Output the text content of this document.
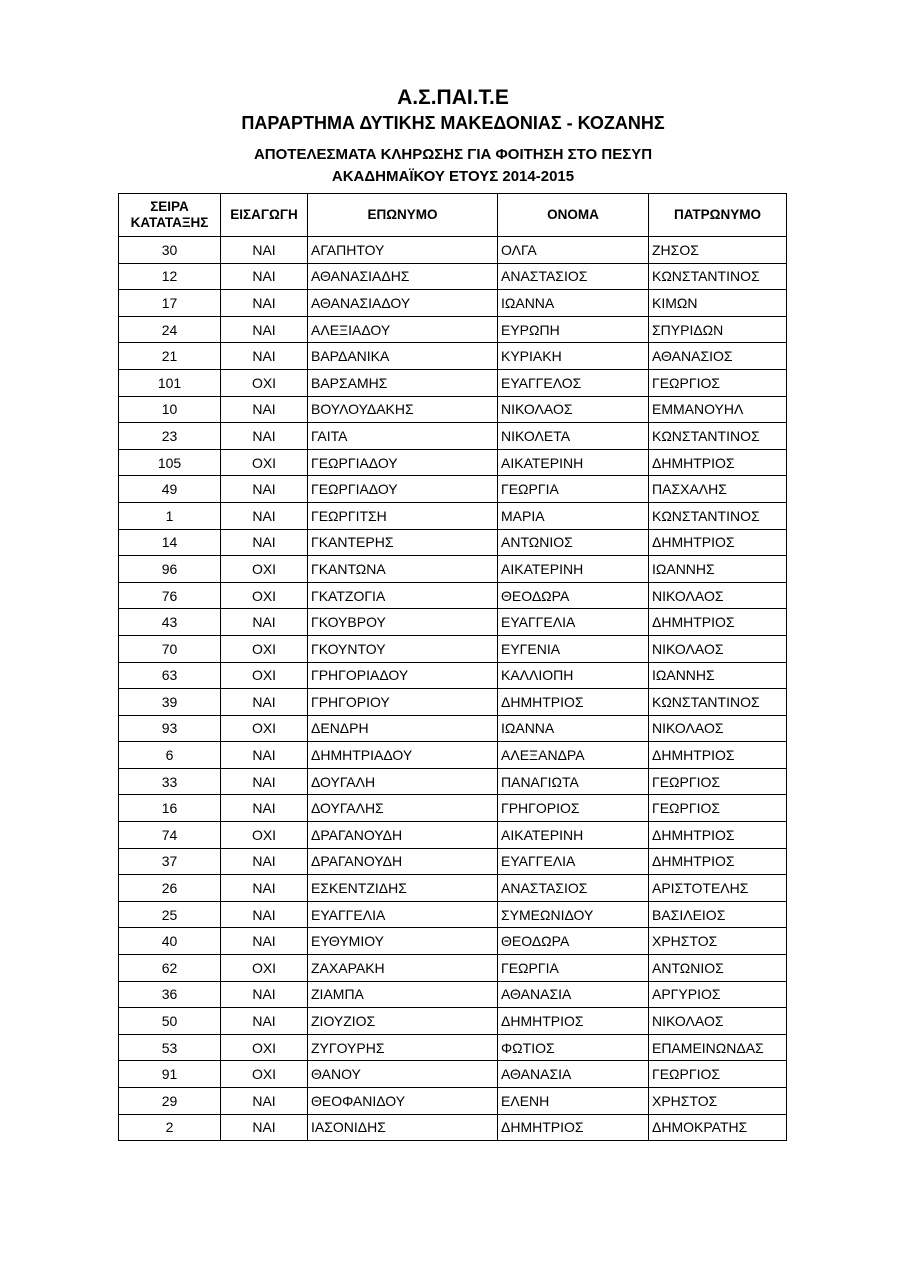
Α.Σ.ΠΑΙ.Τ.Ε
ΠΑΡΑΡΤΗΜΑ ΔΥΤΙΚΗΣ ΜΑΚΕΔΟΝΙΑΣ - ΚΟΖΑΝΗΣ
ΑΠΟΤΕΛΕΣΜΑΤΑ ΚΛΗΡΩΣΗΣ ΓΙΑ ΦΟΙΤΗΣΗ ΣΤΟ ΠΕΣΥΠ
ΑΚΑΔΗΜΑΪΚΟΥ ΕΤΟΥΣ 2014-2015
ΣΕΙΡΑ ΚΑΤΑΤΑΞΗΣ	ΕΙΣΑΓΩΓΗ	ΕΠΩΝΥΜΟ	ΟΝΟΜΑ	ΠΑΤΡΩΝΥΜΟ
30	ΝΑΙ	ΑΓΑΠΗΤΟΥ	ΟΛΓΑ	ΖΗΣΟΣ
12	ΝΑΙ	ΑΘΑΝΑΣΙΑΔΗΣ	ΑΝΑΣΤΑΣΙΟΣ	ΚΩΝΣΤΑΝΤΙΝΟΣ
17	ΝΑΙ	ΑΘΑΝΑΣΙΑΔΟΥ	ΙΩΑΝΝΑ	ΚΙΜΩΝ
24	ΝΑΙ	ΑΛΕΞΙΑΔΟΥ	ΕΥΡΩΠΗ	ΣΠΥΡΙΔΩΝ
21	ΝΑΙ	ΒΑΡΔΑΝΙΚΑ	ΚΥΡΙΑΚΗ	ΑΘΑΝΑΣΙΟΣ
101	ΟΧΙ	ΒΑΡΣΑΜΗΣ	ΕΥΑΓΓΕΛΟΣ	ΓΕΩΡΓΙΟΣ
10	ΝΑΙ	ΒΟΥΛΟΥΔΑΚΗΣ	ΝΙΚΟΛΑΟΣ	ΕΜΜΑΝΟΥΗΛ
23	ΝΑΙ	ΓΑΙΤΑ	ΝΙΚΟΛΕΤΑ	ΚΩΝΣΤΑΝΤΙΝΟΣ
105	ΟΧΙ	ΓΕΩΡΓΙΑΔΟΥ	ΑΙΚΑΤΕΡΙΝΗ	ΔΗΜΗΤΡΙΟΣ
49	ΝΑΙ	ΓΕΩΡΓΙΑΔΟΥ	ΓΕΩΡΓΙΑ	ΠΑΣΧΑΛΗΣ
1	ΝΑΙ	ΓΕΩΡΓΙΤΣΗ	ΜΑΡΙΑ	ΚΩΝΣΤΑΝΤΙΝΟΣ
14	ΝΑΙ	ΓΚΑΝΤΕΡΗΣ	ΑΝΤΩΝΙΟΣ	ΔΗΜΗΤΡΙΟΣ
96	ΟΧΙ	ΓΚΑΝΤΩΝΑ	ΑΙΚΑΤΕΡΙΝΗ	ΙΩΑΝΝΗΣ
76	ΟΧΙ	ΓΚΑΤΖΟΓΙΑ	ΘΕΟΔΩΡΑ	ΝΙΚΟΛΑΟΣ
43	ΝΑΙ	ΓΚΟΥΒΡΟΥ	ΕΥΑΓΓΕΛΙΑ	ΔΗΜΗΤΡΙΟΣ
70	ΟΧΙ	ΓΚΟΥΝΤΟΥ	ΕΥΓΕΝΙΑ	ΝΙΚΟΛΑΟΣ
63	ΟΧΙ	ΓΡΗΓΟΡΙΑΔΟΥ	ΚΑΛΛΙΟΠΗ	ΙΩΑΝΝΗΣ
39	ΝΑΙ	ΓΡΗΓΟΡΙΟΥ	ΔΗΜΗΤΡΙΟΣ	ΚΩΝΣΤΑΝΤΙΝΟΣ
93	ΟΧΙ	ΔΕΝΔΡΗ	ΙΩΑΝΝΑ	ΝΙΚΟΛΑΟΣ
6	ΝΑΙ	ΔΗΜΗΤΡΙΑΔΟΥ	ΑΛΕΞΑΝΔΡΑ	ΔΗΜΗΤΡΙΟΣ
33	ΝΑΙ	ΔΟΥΓΑΛΗ	ΠΑΝΑΓΙΩΤΑ	ΓΕΩΡΓΙΟΣ
16	ΝΑΙ	ΔΟΥΓΑΛΗΣ	ΓΡΗΓΟΡΙΟΣ	ΓΕΩΡΓΙΟΣ
74	ΟΧΙ	ΔΡΑΓΑΝΟΥΔΗ	ΑΙΚΑΤΕΡΙΝΗ	ΔΗΜΗΤΡΙΟΣ
37	ΝΑΙ	ΔΡΑΓΑΝΟΥΔΗ	ΕΥΑΓΓΕΛΙΑ	ΔΗΜΗΤΡΙΟΣ
26	ΝΑΙ	ΕΣΚΕΝΤΖΙΔΗΣ	ΑΝΑΣΤΑΣΙΟΣ	ΑΡΙΣΤΟΤΕΛΗΣ
25	ΝΑΙ	ΕΥΑΓΓΕΛΙΑ	ΣΥΜΕΩΝΙΔΟΥ	ΒΑΣΙΛΕΙΟΣ
40	ΝΑΙ	ΕΥΘΥΜΙΟΥ	ΘΕΟΔΩΡΑ	ΧΡΗΣΤΟΣ
62	ΟΧΙ	ΖΑΧΑΡΑΚΗ	ΓΕΩΡΓΙΑ	ΑΝΤΩΝΙΟΣ
36	ΝΑΙ	ΖΙΑΜΠΑ	ΑΘΑΝΑΣΙΑ	ΑΡΓΥΡΙΟΣ
50	ΝΑΙ	ΖΙΟΥΖΙΟΣ	ΔΗΜΗΤΡΙΟΣ	ΝΙΚΟΛΑΟΣ
53	ΟΧΙ	ΖΥΓΟΥΡΗΣ	ΦΩΤΙΟΣ	ΕΠΑΜΕΙΝΩΝΔΑΣ
91	ΟΧΙ	ΘΑΝΟΥ	ΑΘΑΝΑΣΙΑ	ΓΕΩΡΓΙΟΣ
29	ΝΑΙ	ΘΕΟΦΑΝΙΔΟΥ	ΕΛΕΝΗ	ΧΡΗΣΤΟΣ
2	ΝΑΙ	ΙΑΣΟΝΙΔΗΣ	ΔΗΜΗΤΡΙΟΣ	ΔΗΜΟΚΡΑΤΗΣ
